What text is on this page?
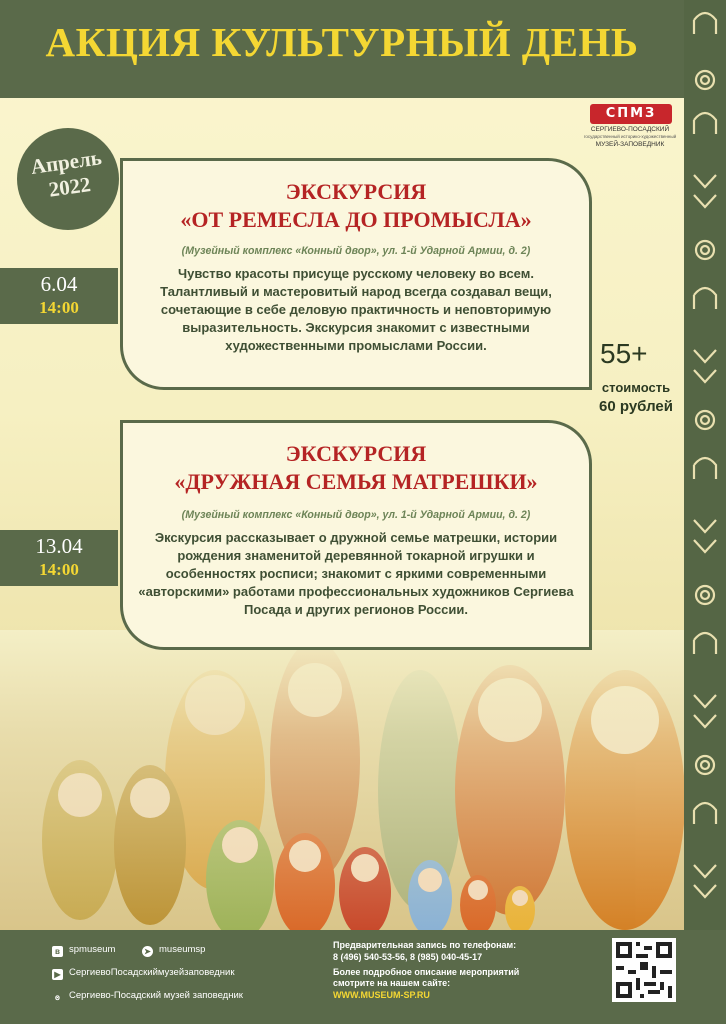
АКЦИЯ КУЛЬТУРНЫЙ ДЕНЬ
СПМЗ
СЕРГИЕВО-ПОСАДСКИЙ
государственный историко-художественный
МУЗЕЙ-ЗАПОВЕДНИК
Апрель
2022
6.04
14:00
ЭКСКУРСИЯ
«ОТ РЕМЕСЛА ДО ПРОМЫСЛА»
(Музейный комплекс «Конный двор», ул. 1-й Ударной Армии, д. 2)
Чувство красоты присуще русскому человеку во всем. Талантливый и мастеровитый народ всегда создавал вещи, сочетающие в себе деловую практичность и неповторимую выразительность. Экскурсия знакомит с известными художественными промыслами России.
13.04
14:00
ЭКСКУРСИЯ
«ДРУЖНАЯ СЕМЬЯ МАТРЕШКИ»
(Музейный комплекс «Конный двор», ул. 1-й Ударной Армии, д. 2)
Экскурсия рассказывает о дружной семье матрешки, истории рождения знаменитой деревянной токарной игрушки и особенностях росписи; знакомит с яркими современными «авторскими» работами профессиональных художников Сергиева Посада и других регионов России.
55+
стоимость
60 рублей
в spmuseum	➤ museumsp
▶ СергиевоПосадскиймузейзаповедник
ꙩ Сергиево-Посадский музей заповедник
Предварительная запись по телефонам:
8 (496) 540-53-56, 8 (985) 040-45-17
Более подробное описание мероприятий
смотрите на нашем сайте:
WWW.MUSEUM-SP.RU
